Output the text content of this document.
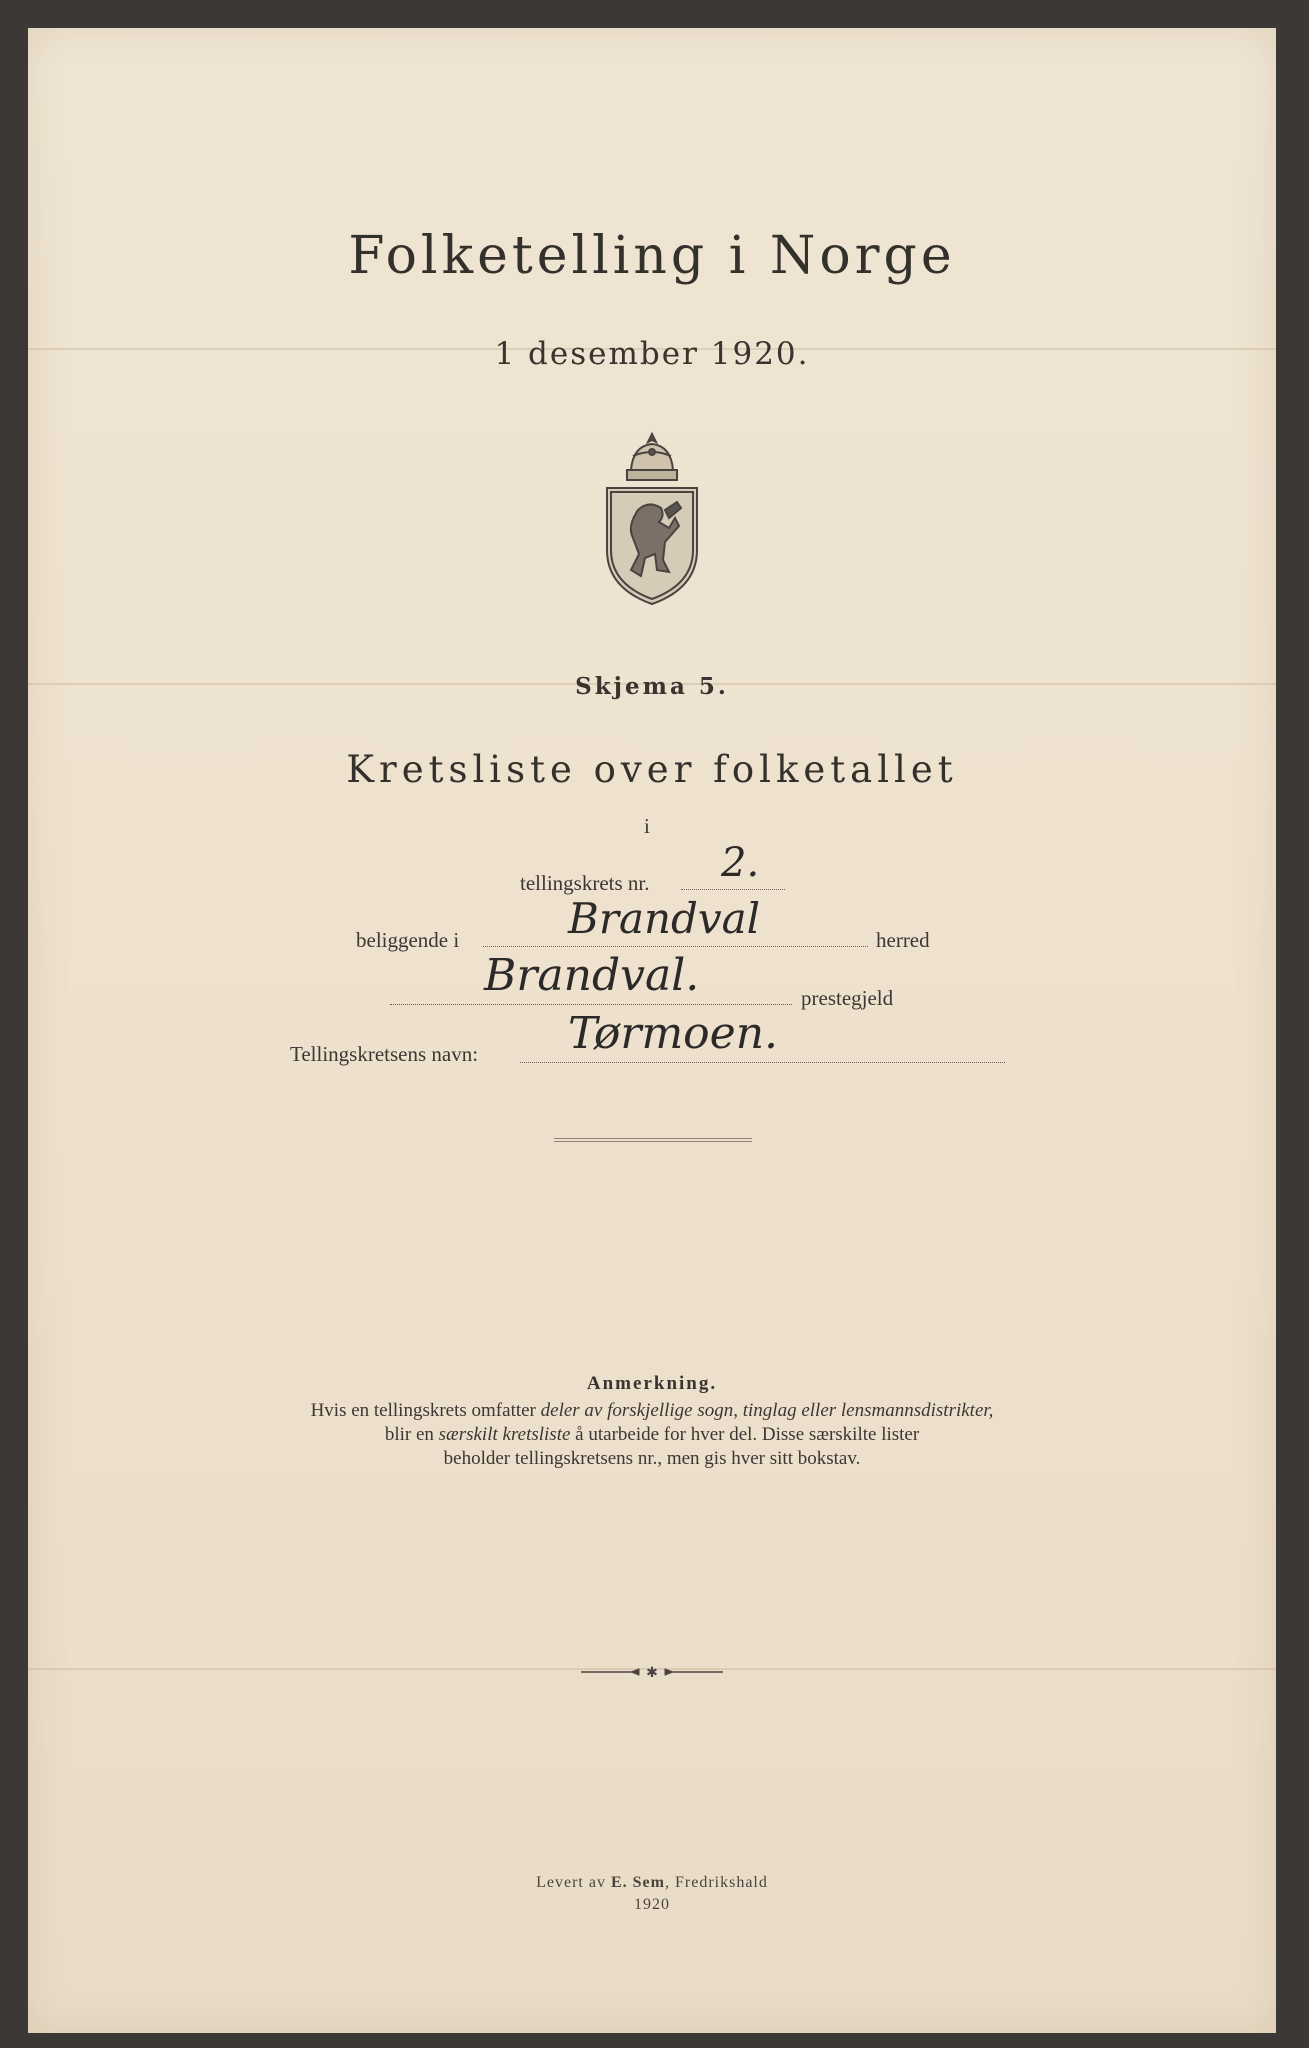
Folketelling i Norge
1 desember 1920.
Skjema 5.
Kretsliste over folketallet
i
tellingskrets nr. 2.
beliggende i	Brandval	herred
Brandval.	prestegjeld
Tellingskretsens navn: Tørmoen.
Anmerkning.
Hvis en tellingskrets omfatter deler av forskjellige sogn, tinglag eller lensmannsdistrikter,
blir en særskilt kretsliste å utarbeide for hver del. Disse særskilte lister
beholder tellingskretsens nr., men gis hver sitt bokstav.
✱
Levert av E. Sem, Fredrikshald
1920
